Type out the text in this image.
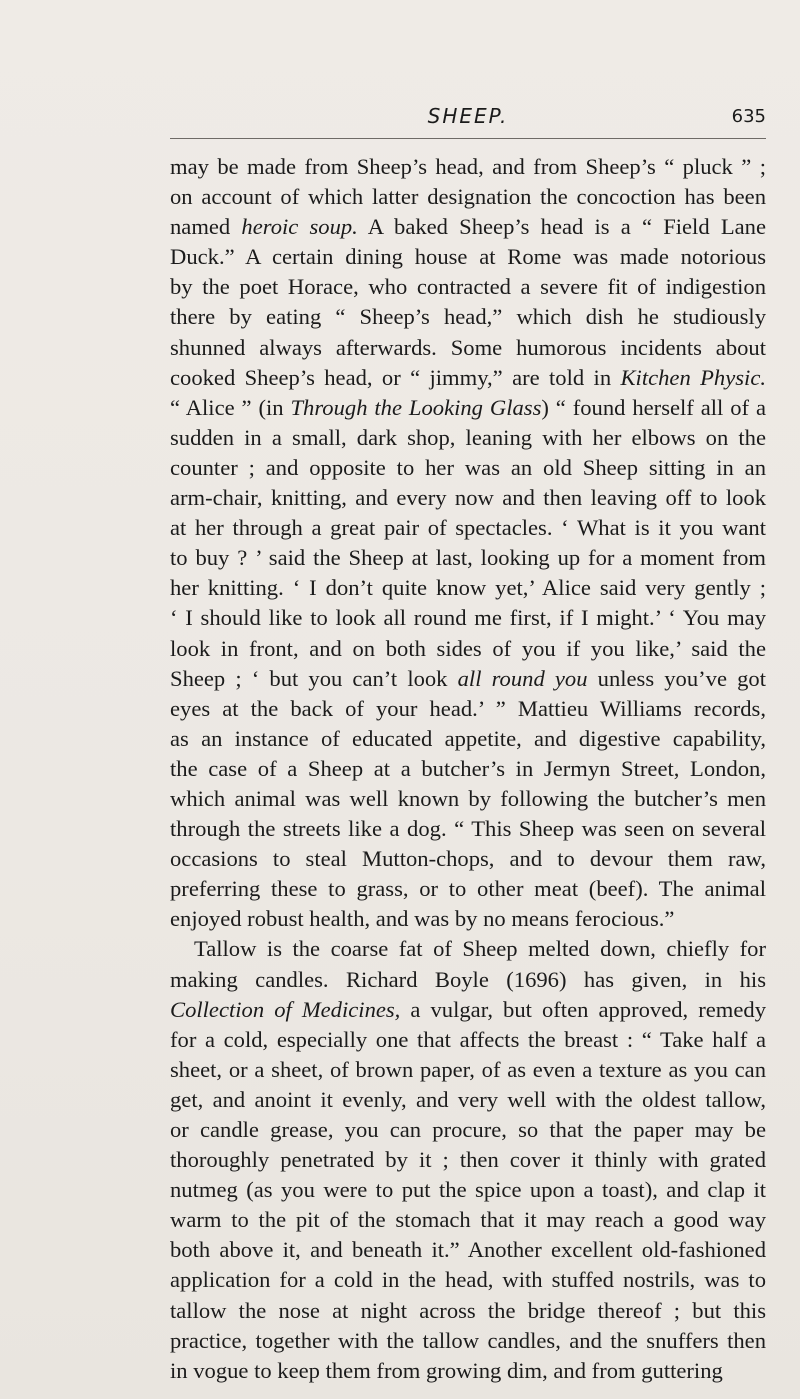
SHEEP.	635
may be made from Sheep’s head, and from Sheep’s “ pluck ” ;
on account of which latter designation the concoction has been
named heroic soup. A baked Sheep’s head is a “ Field Lane
Duck.” A certain dining house at Rome was made notorious
by the poet Horace, who contracted a severe fit of indigestion
there by eating “ Sheep’s head,” which dish he studiously
shunned always afterwards. Some humorous incidents about
cooked Sheep’s head, or “ jimmy,” are told in Kitchen Physic.
“ Alice ” (in Through the Looking Glass) “ found herself all of a
sudden in a small, dark shop, leaning with her elbows on the
counter ; and opposite to her was an old Sheep sitting in an
arm-chair, knitting, and every now and then leaving off to look
at her through a great pair of spectacles. ‘ What is it you want
to buy ? ’ said the Sheep at last, looking up for a moment from
her knitting. ‘ I don’t quite know yet,’ Alice said very gently ;
‘ I should like to look all round me first, if I might.’ ‘ You may
look in front, and on both sides of you if you like,’ said the
Sheep ; ‘ but you can’t look all round you unless you’ve got
eyes at the back of your head.’ ” Mattieu Williams records,
as an instance of educated appetite, and digestive capability,
the case of a Sheep at a butcher’s in Jermyn Street, London,
which animal was well known by following the butcher’s men
through the streets like a dog. “ This Sheep was seen on several
occasions to steal Mutton-chops, and to devour them raw,
preferring these to grass, or to other meat (beef). The animal
enjoyed robust health, and was by no means ferocious.”
Tallow is the coarse fat of Sheep melted down, chiefly for
making candles. Richard Boyle (1696) has given, in his
Collection of Medicines, a vulgar, but often approved, remedy
for a cold, especially one that affects the breast : “ Take half a
sheet, or a sheet, of brown paper, of as even a texture as you can
get, and anoint it evenly, and very well with the oldest tallow,
or candle grease, you can procure, so that the paper may be
thoroughly penetrated by it ; then cover it thinly with grated
nutmeg (as you were to put the spice upon a toast), and clap it
warm to the pit of the stomach that it may reach a good way
both above it, and beneath it.” Another excellent old-fashioned
application for a cold in the head, with stuffed nostrils, was to
tallow the nose at night across the bridge thereof ; but this
practice, together with the tallow candles, and the snuffers then
in vogue to keep them from growing dim, and from guttering
